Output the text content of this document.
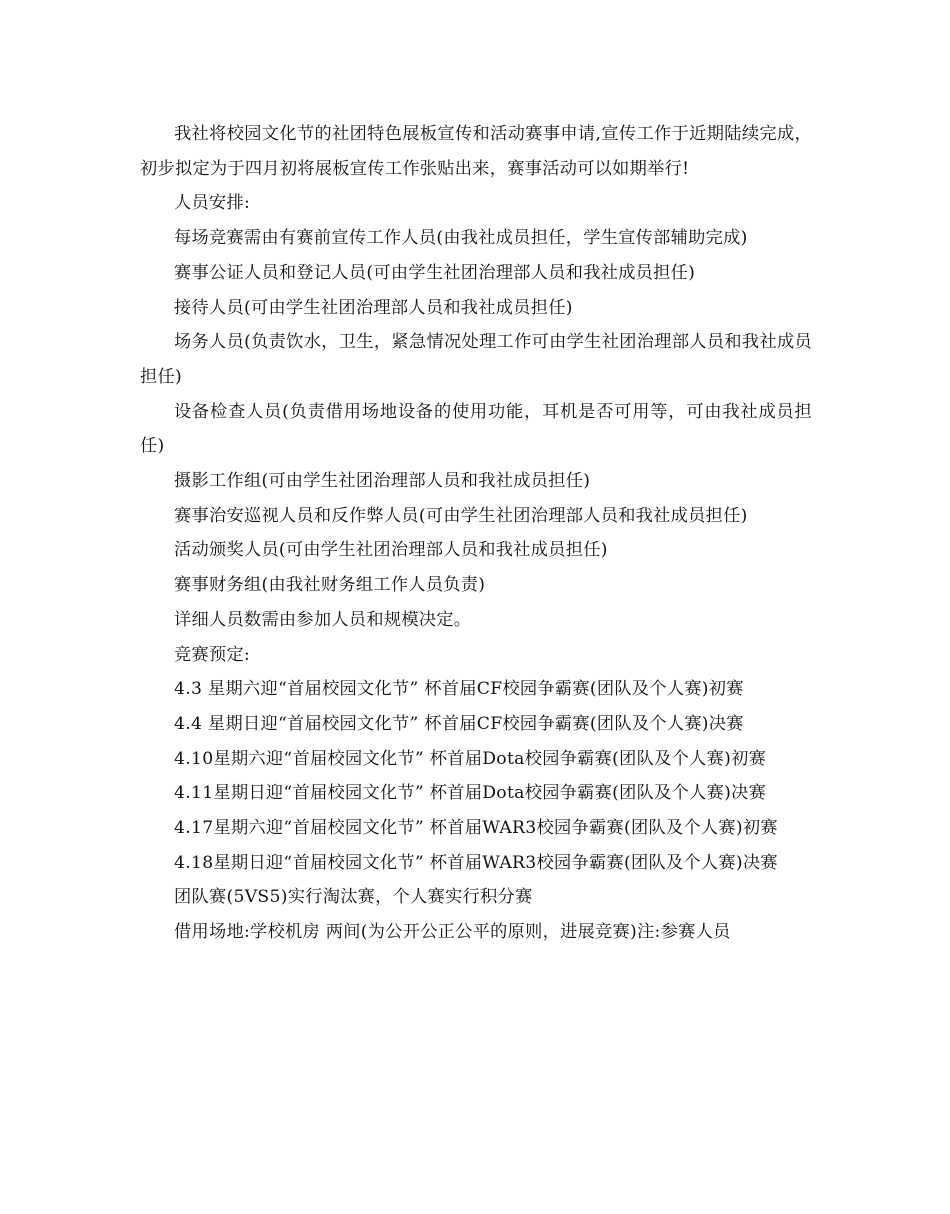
我社将校园文化节的社团特色展板宣传和活动赛事申请,宣传工作于近期陆续完成，初步拟定为于四月初将展板宣传工作张贴出来，赛事活动可以如期举行!

人员安排:

每场竞赛需由有赛前宣传工作人员(由我社成员担任，学生宣传部辅助完成)

赛事公证人员和登记人员(可由学生社团治理部人员和我社成员担任)

接待人员(可由学生社团治理部人员和我社成员担任)

场务人员(负责饮水，卫生，紧急情况处理工作可由学生社团治理部人员和我社成员担任)

设备检查人员(负责借用场地设备的使用功能，耳机是否可用等，可由我社成员担任)

摄影工作组(可由学生社团治理部人员和我社成员担任)

赛事治安巡视人员和反作弊人员(可由学生社团治理部人员和我社成员担任)

活动颁奖人员(可由学生社团治理部人员和我社成员担任)

赛事财务组(由我社财务组工作人员负责)

详细人员数需由参加人员和规模决定。

竞赛预定:

4.3 星期六迎“首届校园文化节” 杯首届CF校园争霸赛(团队及个人赛)初赛

4.4 星期日迎“首届校园文化节” 杯首届CF校园争霸赛(团队及个人赛)决赛

4.10星期六迎“首届校园文化节” 杯首届Dota校园争霸赛(团队及个人赛)初赛

4.11星期日迎“首届校园文化节” 杯首届Dota校园争霸赛(团队及个人赛)决赛

4.17星期六迎“首届校园文化节” 杯首届WAR3校园争霸赛(团队及个人赛)初赛

4.18星期日迎“首届校园文化节” 杯首届WAR3校园争霸赛(团队及个人赛)决赛

团队赛(5VS5)实行淘汰赛，个人赛实行积分赛

借用场地:学校机房 两间(为公开公正公平的原则，进展竞赛)注:参赛人员
